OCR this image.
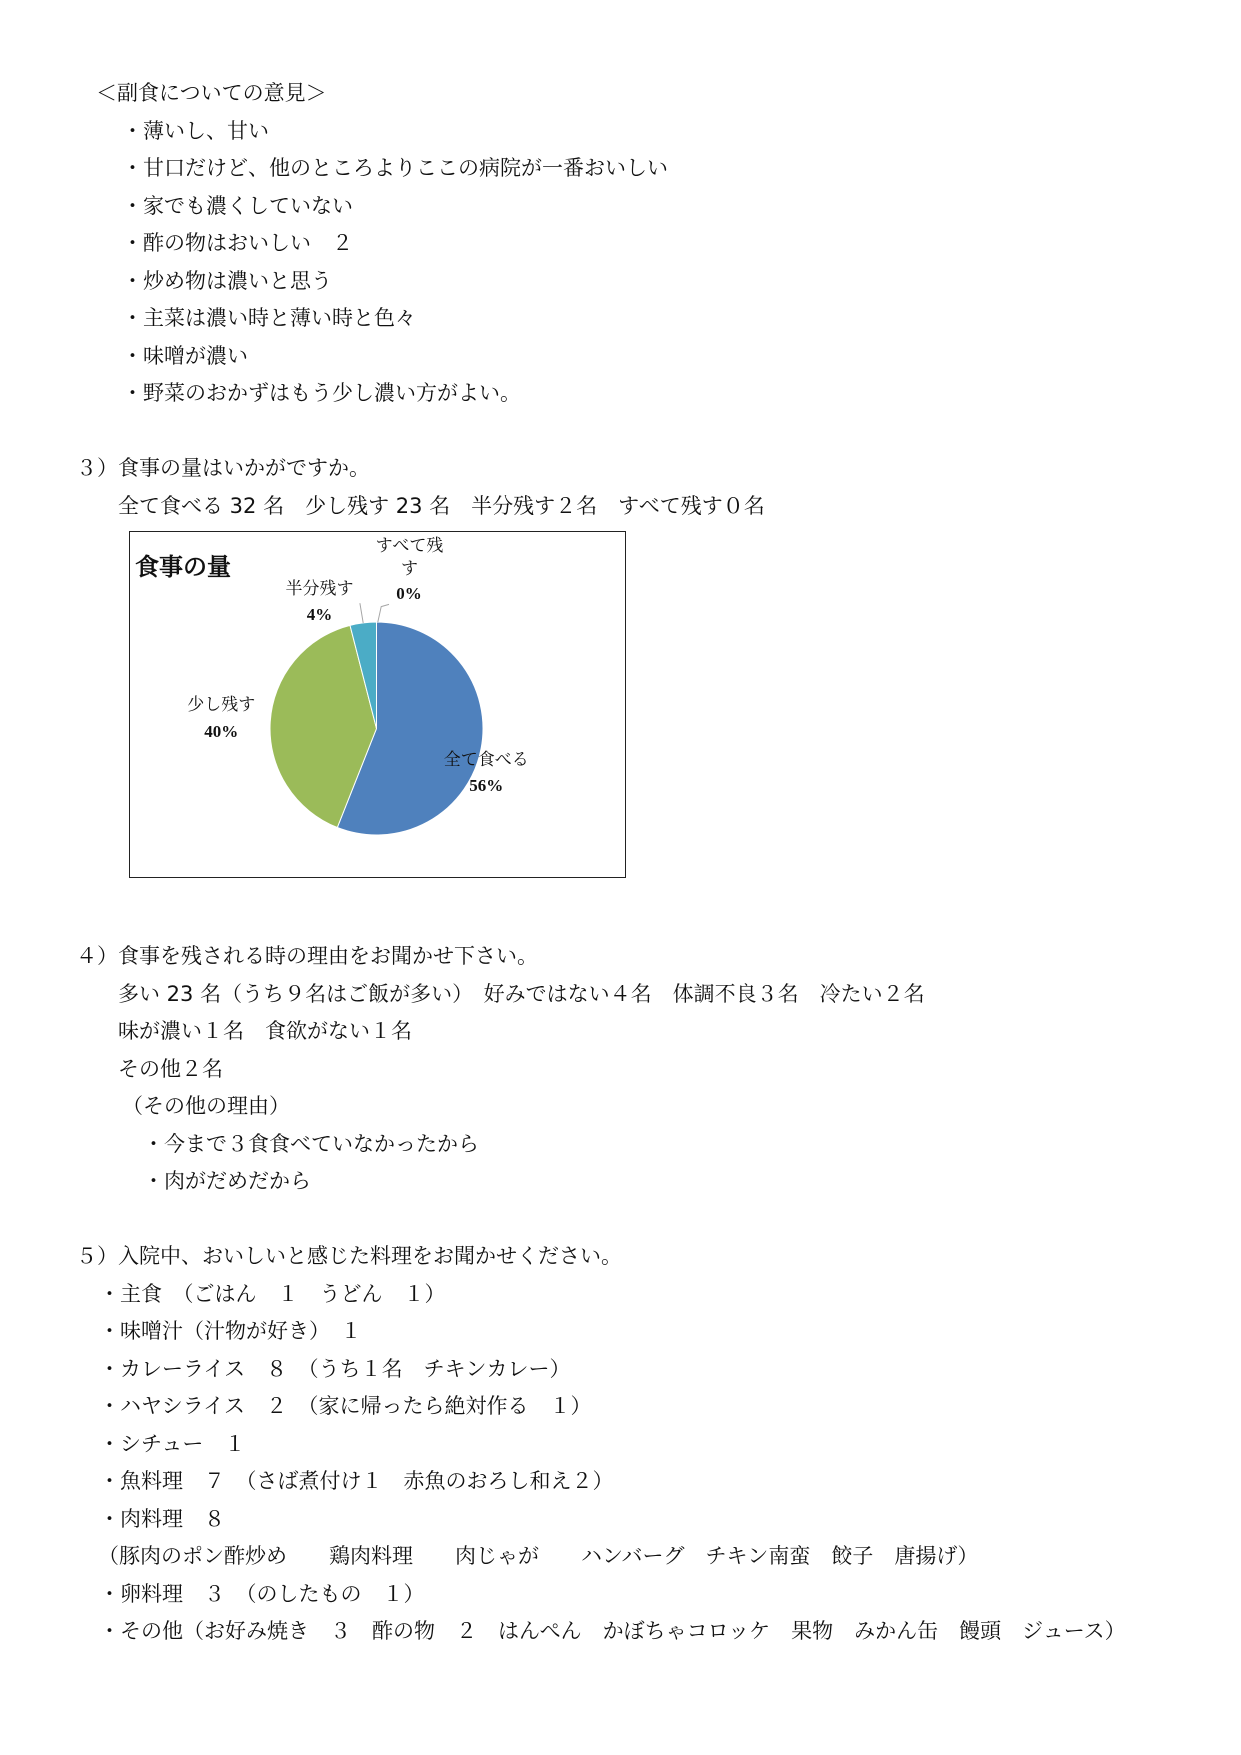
＜副食についての意見＞
・薄いし、甘い
・甘口だけど、他のところよりここの病院が一番おいしい
・家でも濃くしていない
・酢の物はおいしい　２
・炒め物は濃いと思う
・主菜は濃い時と薄い時と色々
・味噌が濃い
・野菜のおかずはもう少し濃い方がよい。
３）食事の量はいかがですか。
全て食べる 32 名　少し残す 23 名　半分残す２名　すべて残す０名
食事の量
すべて残す
0%
半分残す
4%
少し残す
40%
全て食べる
56%
４）食事を残される時の理由をお聞かせ下さい。
多い 23 名（うち９名はご飯が多い）　好みではない４名　体調不良３名　冷たい２名
味が濃い１名　食欲がない１名
その他２名
（その他の理由）
・今まで３食食べていなかったから
・肉がだめだから
５）入院中、おいしいと感じた料理をお聞かせください。
・主食　（ごはん　１　うどん　１）
・味噌汁（汁物が好き）　１
・カレーライス　８　（うち１名　チキンカレー）
・ハヤシライス　２　（家に帰ったら絶対作る　１）
・シチュー　１
・魚料理　７　（さば煮付け１　赤魚のおろし和え２）
・肉料理　８
（豚肉のポン酢炒め　　鶏肉料理　　肉じゃが　　ハンバーグ　チキン南蛮　餃子　唐揚げ）
・卵料理　３　（のしたもの　１）
・その他（お好み焼き　３　酢の物　２　はんぺん　かぼちゃコロッケ　果物　みかん缶　饅頭　ジュース）
